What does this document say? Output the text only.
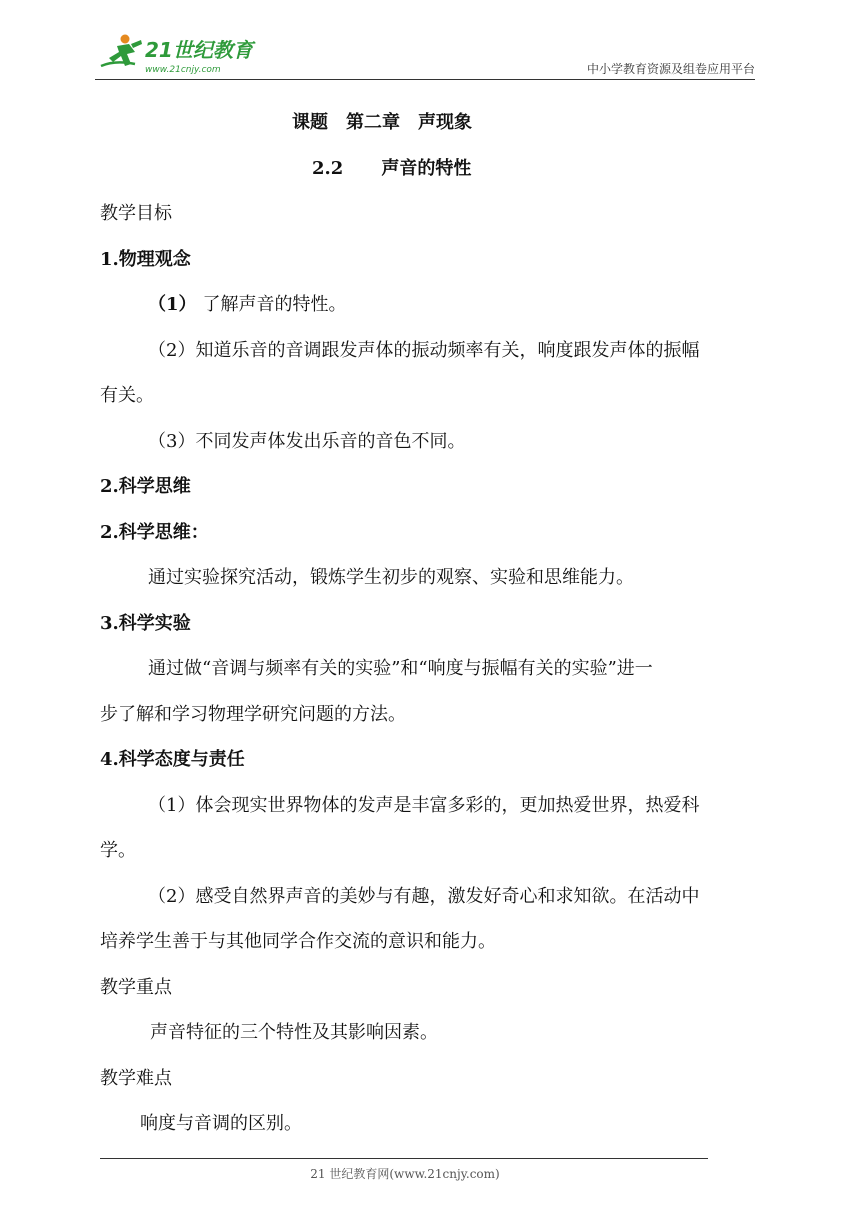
21世纪教育
www.21cnjy.com	中小学教育资源及组卷应用平台
课题 第二章 声现象
2.2 声音的特性
教学目标
1.物理观念
（1） 了解声音的特性。
（2）知道乐音的音调跟发声体的振动频率有关，响度跟发声体的振幅
有关。
（3）不同发声体发出乐音的音色不同。
2.科学思维
2.科学思维：
通过实验探究活动，锻炼学生初步的观察、实验和思维能力。
3.科学实验
通过做“音调与频率有关的实验”和“响度与振幅有关的实验”进一
步了解和学习物理学研究问题的方法。
4.科学态度与责任
（1）体会现实世界物体的发声是丰富多彩的，更加热爱世界，热爱科
学。
（2）感受自然界声音的美妙与有趣，激发好奇心和求知欲。在活动中
培养学生善于与其他同学合作交流的意识和能力。
教学重点
声音特征的三个特性及其影响因素。
教学难点
响度与音调的区别。
21 世纪教育网(www.21cnjy.com)
